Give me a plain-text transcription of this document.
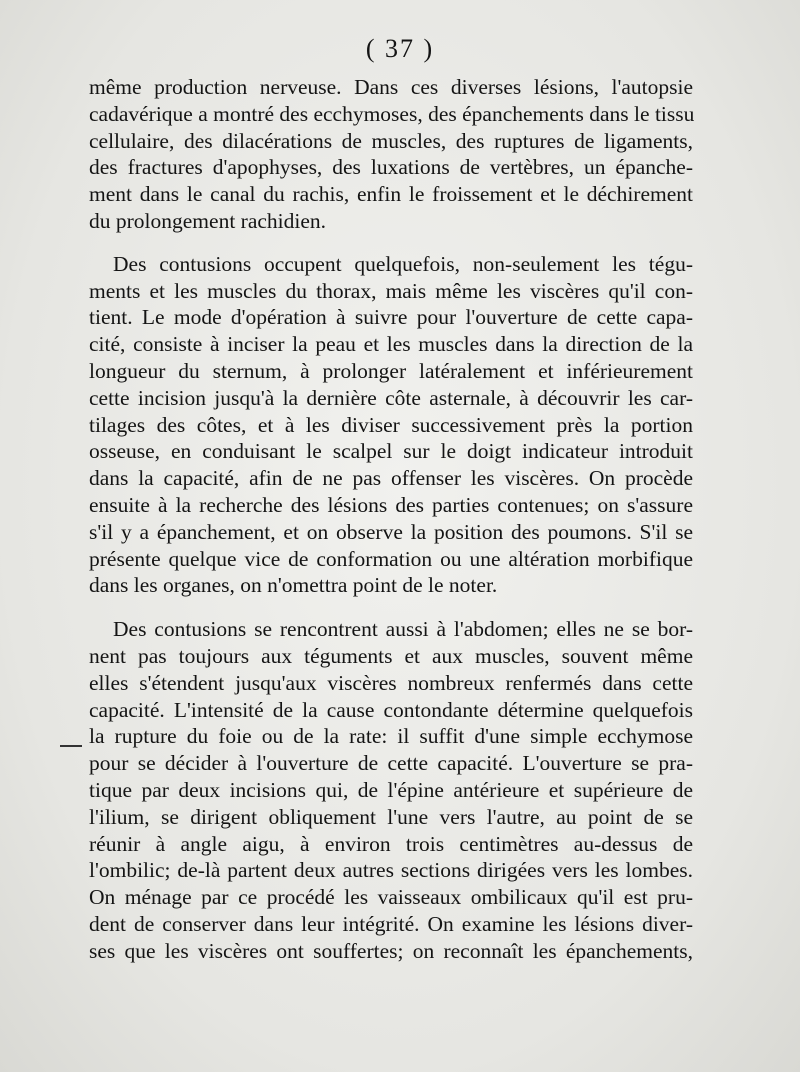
( 37 )

même production nerveuse. Dans ces diverses lésions, l'autopsie
cadavérique a montré des ecchymoses, des épanchements dans le tissu
cellulaire, des dilacérations de muscles, des ruptures de ligaments,
des fractures d'apophyses, des luxations de vertèbres, un épanche-
ment dans le canal du rachis, enfin le froissement et le déchirement
du prolongement rachidien.

Des contusions occupent quelquefois, non-seulement les tégu-
ments et les muscles du thorax, mais même les viscères qu'il con-
tient. Le mode d'opération à suivre pour l'ouverture de cette capa-
cité, consiste à inciser la peau et les muscles dans la direction de la
longueur du sternum, à prolonger latéralement et inférieurement
cette incision jusqu'à la dernière côte asternale, à découvrir les car-
tilages des côtes, et à les diviser successivement près la portion
osseuse, en conduisant le scalpel sur le doigt indicateur introduit
dans la capacité, afin de ne pas offenser les viscères. On procède
ensuite à la recherche des lésions des parties contenues; on s'assure
s'il y a épanchement, et on observe la position des poumons. S'il se
présente quelque vice de conformation ou une altération morbifique
dans les organes, on n'omettra point de le noter.

Des contusions se rencontrent aussi à l'abdomen; elles ne se bor-
nent pas toujours aux téguments et aux muscles, souvent même
elles s'étendent jusqu'aux viscères nombreux renfermés dans cette
capacité. L'intensité de la cause contondante détermine quelquefois
la rupture du foie ou de la rate: il suffit d'une simple ecchymose
pour se décider à l'ouverture de cette capacité. L'ouverture se pra-
tique par deux incisions qui, de l'épine antérieure et supérieure de
l'ilium, se dirigent obliquement l'une vers l'autre, au point de se
réunir à angle aigu, à environ trois centimètres au-dessus de
l'ombilic; de-là partent deux autres sections dirigées vers les lombes.
On ménage par ce procédé les vaisseaux ombilicaux qu'il est pru-
dent de conserver dans leur intégrité. On examine les lésions diver-
ses que les viscères ont souffertes; on reconnaît les épanchements,
